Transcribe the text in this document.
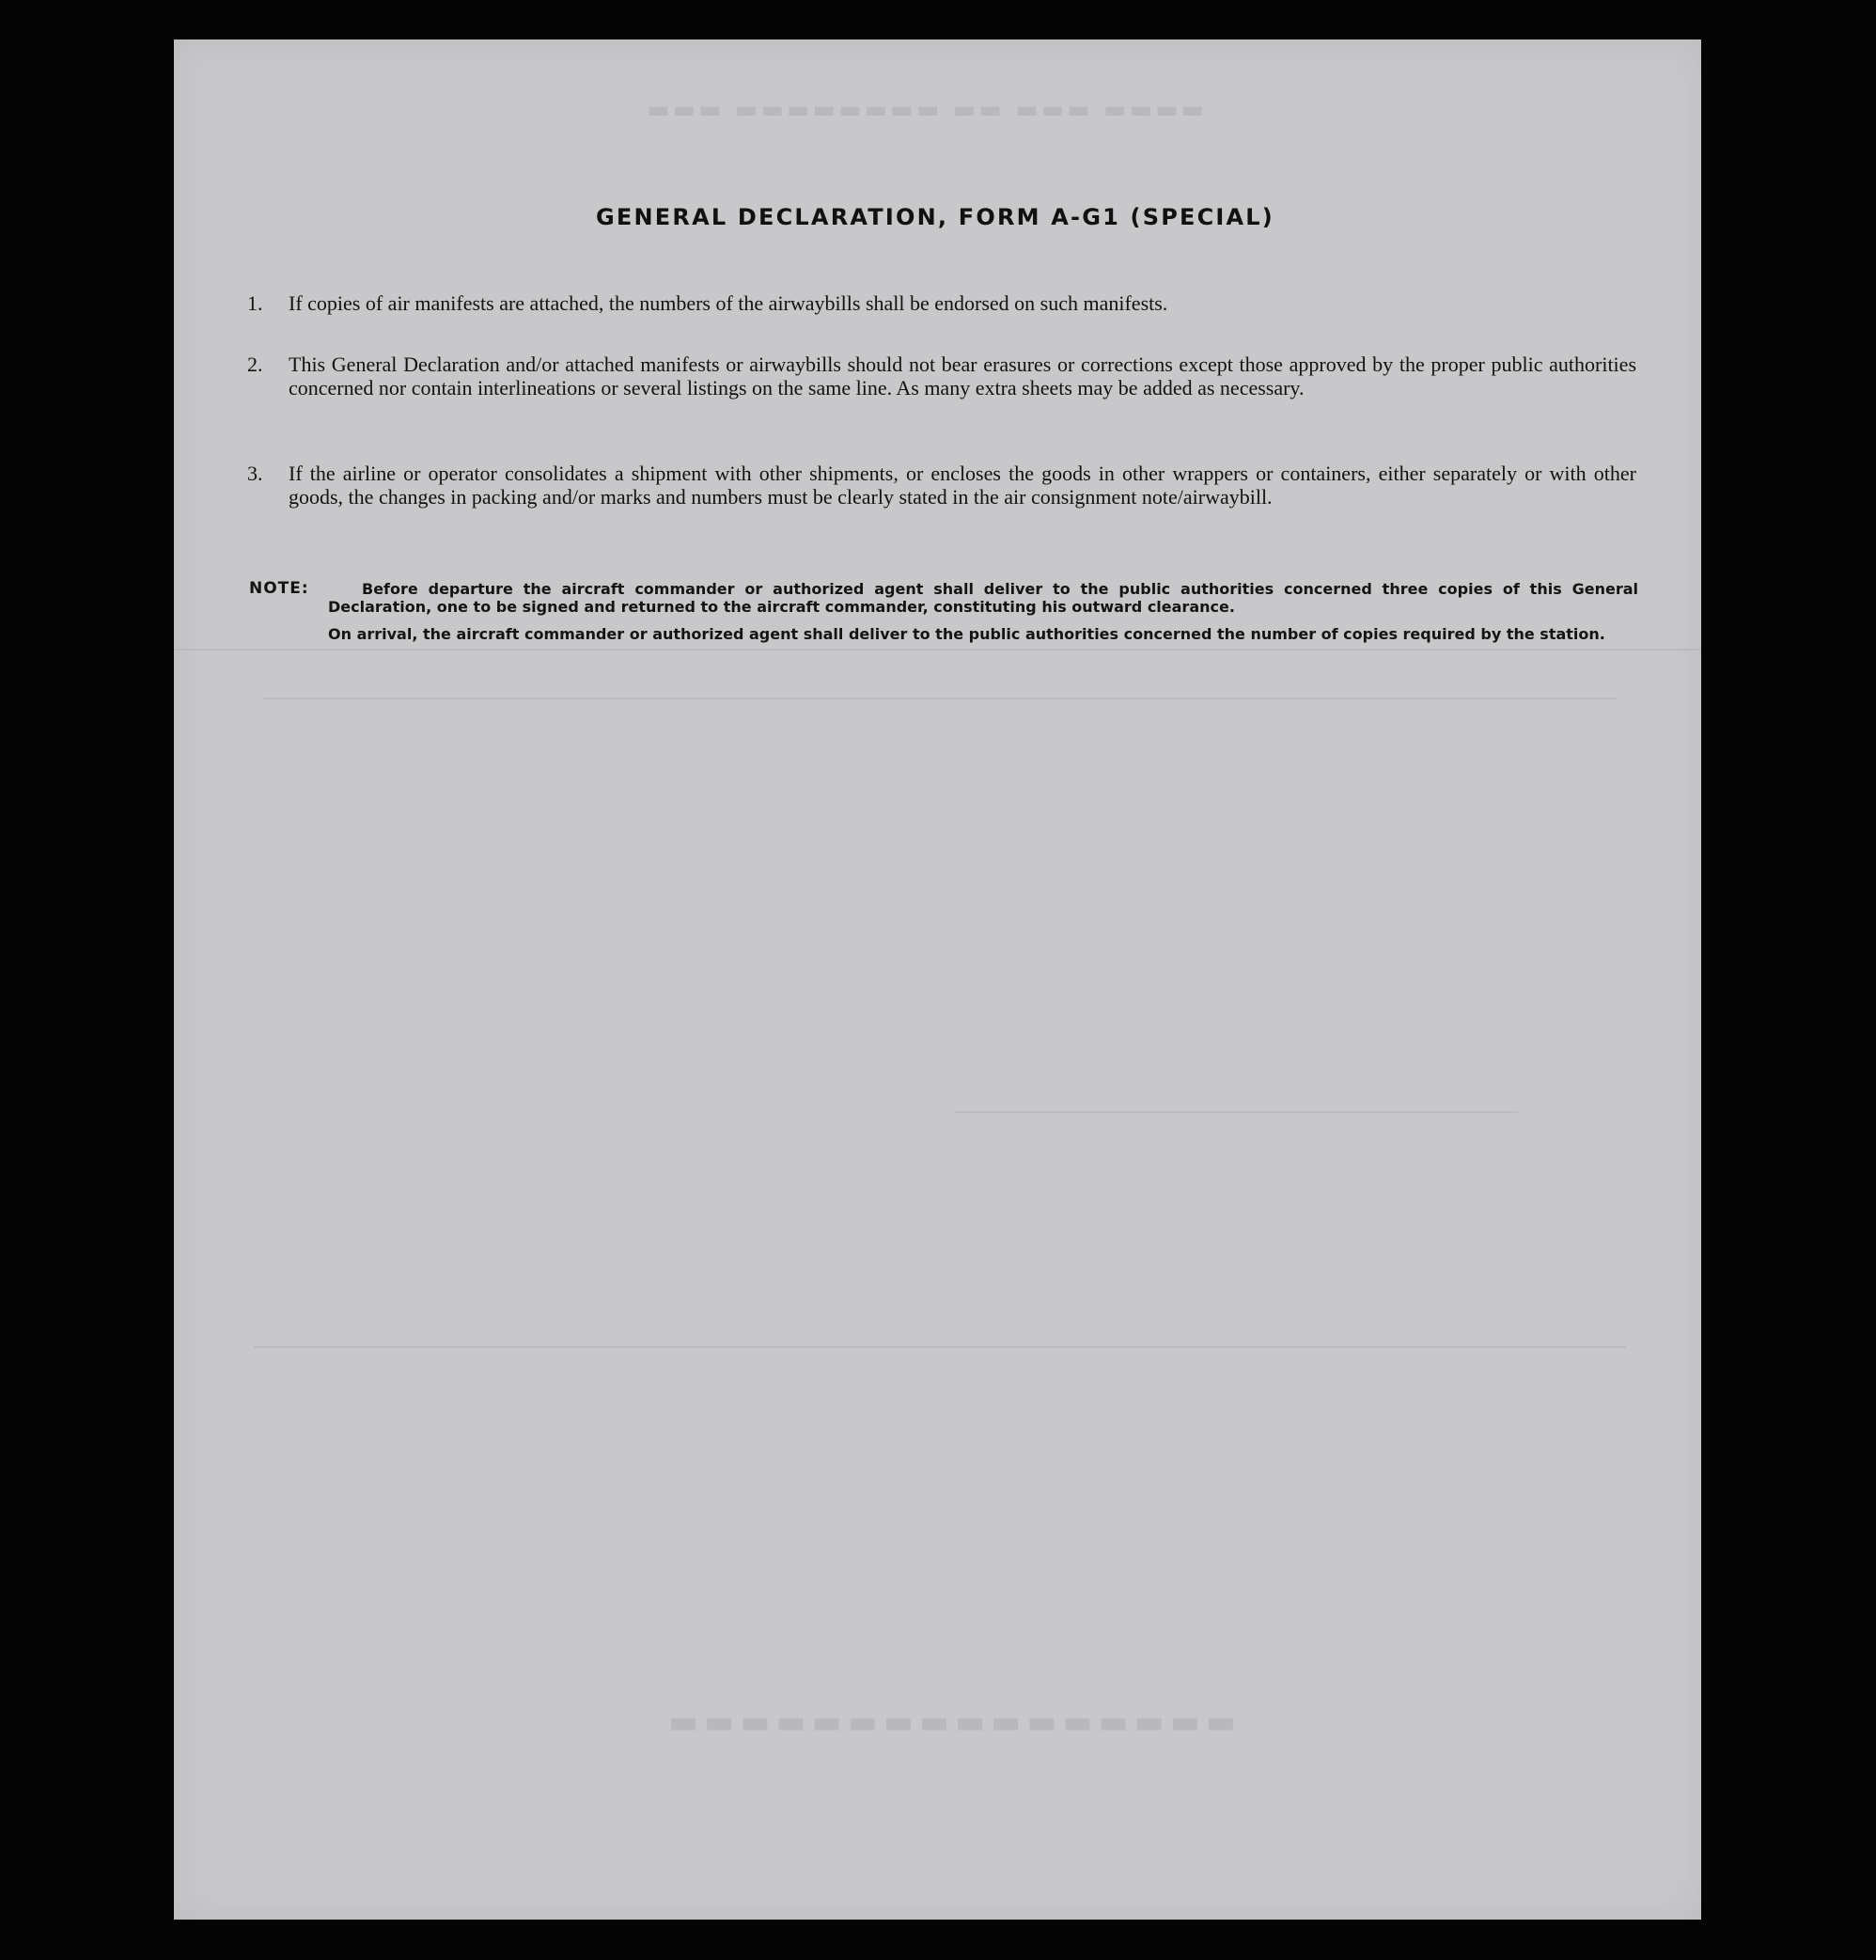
▬▬▬▬ ▬▬▬ ▬▬ ▬▬▬▬▬▬▬▬ ▬▬▬
▬▬▬▬▬▬▬▬▬▬▬▬▬▬▬▬
GENERAL DECLARATION, FORM A-G1 (SPECIAL)
1. If copies of air manifests are attached, the numbers of the airwaybills shall be endorsed on such manifests.
2. This General Declaration and/or attached manifests or airwaybills should not bear erasures or corrections except those approved by the proper public authorities concerned nor contain interlineations or several listings on the same line. As many extra sheets may be added as necessary.
3. If the airline or operator consolidates a shipment with other shipments, or encloses the goods in other wrappers or containers, either separately or with other goods, the changes in packing and/or marks and numbers must be clearly stated in the air consignment note/airwaybill.
NOTE:	Before departure the aircraft commander or authorized agent shall deliver to the public authorities concerned three copies of this General Declaration, one to be signed and returned to the aircraft commander, constituting his outward clearance.
On arrival, the aircraft commander or authorized agent shall deliver to the public authorities concerned the number of copies required by the station.
